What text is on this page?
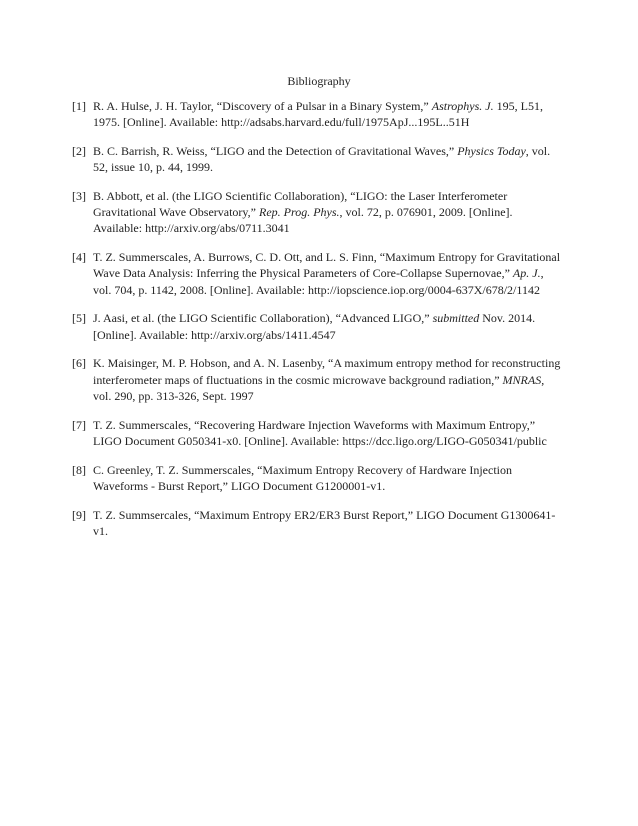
Bibliography
[1] R. A. Hulse, J. H. Taylor, “Discovery of a Pulsar in a Binary System,” Astrophys. J. 195, L51, 1975. [Online]. Available: http://adsabs.harvard.edu/full/1975ApJ...195L..51H
[2] B. C. Barrish, R. Weiss, “LIGO and the Detection of Gravitational Waves,” Physics Today, vol. 52, issue 10, p. 44, 1999.
[3] B. Abbott, et al. (the LIGO Scientific Collaboration), “LIGO: the Laser Interferometer Gravitational Wave Observatory,” Rep. Prog. Phys., vol. 72, p. 076901, 2009. [Online]. Available: http://arxiv.org/abs/0711.3041
[4] T. Z. Summerscales, A. Burrows, C. D. Ott, and L. S. Finn, “Maximum Entropy for Gravitational Wave Data Analysis: Inferring the Physical Parameters of Core-Collapse Supernovae,” Ap. J., vol. 704, p. 1142, 2008. [Online]. Available: http://iopscience.iop.org/0004-637X/678/2/1142
[5] J. Aasi, et al. (the LIGO Scientific Collaboration), “Advanced LIGO,” submitted Nov. 2014. [Online]. Available: http://arxiv.org/abs/1411.4547
[6] K. Maisinger, M. P. Hobson, and A. N. Lasenby, “A maximum entropy method for reconstructing interferometer maps of fluctuations in the cosmic microwave background radiation,” MNRAS, vol. 290, pp. 313-326, Sept. 1997
[7] T. Z. Summerscales, “Recovering Hardware Injection Waveforms with Maximum Entropy,” LIGO Document G050341-x0. [Online]. Available: https://dcc.ligo.org/LIGO-G050341/public
[8] C. Greenley, T. Z. Summerscales, “Maximum Entropy Recovery of Hardware Injection Waveforms - Burst Report,” LIGO Document G1200001-v1.
[9] T. Z. Summsercales, “Maximum Entropy ER2/ER3 Burst Report,” LIGO Document G1300641-v1.
